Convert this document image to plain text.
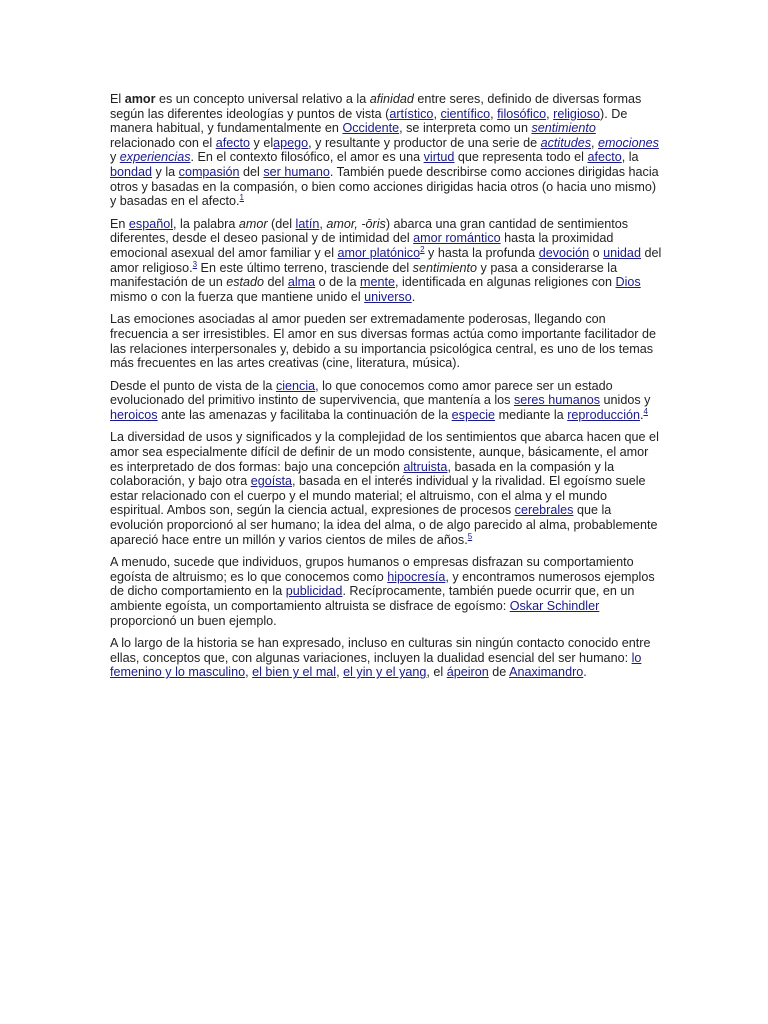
El amor es un concepto universal relativo a la afinidad entre seres, definido de diversas formas según las diferentes ideologías y puntos de vista (artístico, científico, filosófico, religioso). De manera habitual, y fundamentalmente en Occidente, se interpreta como un sentimiento relacionado con el afecto y elapego, y resultante y productor de una serie de actitudes, emociones y experiencias. En el contexto filosófico, el amor es una virtud que representa todo el afecto, la bondad y la compasión del ser humano. También puede describirse como acciones dirigidas hacia otros y basadas en la compasión, o bien como acciones dirigidas hacia otros (o hacia uno mismo) y basadas en el afecto.$^1$

En español, la palabra amor (del latín, amor, -ōris) abarca una gran cantidad de sentimientos diferentes, desde el deseo pasional y de intimidad del amor romántico hasta la proximidad emocional asexual del amor familiar y el amor platónico$^2$ y hasta la profunda devoción o unidad del amor religioso.$^3$ En este último terreno, trasciende del sentimiento y pasa a considerarse la manifestación de un estado del alma o de la mente, identificada en algunas religiones con Dios mismo o con la fuerza que mantiene unido el universo.

Las emociones asociadas al amor pueden ser extremadamente poderosas, llegando con frecuencia a ser irresistibles. El amor en sus diversas formas actúa como importante facilitador de las relaciones interpersonales y, debido a su importancia psicológica central, es uno de los temas más frecuentes en las artes creativas (cine, literatura, música).

Desde el punto de vista de la ciencia, lo que conocemos como amor parece ser un estado evolucionado del primitivo instinto de supervivencia, que mantenía a los seres humanos unidos y heroicos ante las amenazas y facilitaba la continuación de la especie mediante la reproducción.$^4$

La diversidad de usos y significados y la complejidad de los sentimientos que abarca hacen que el amor sea especialmente difícil de definir de un modo consistente, aunque, básicamente, el amor es interpretado de dos formas: bajo una concepción altruista, basada en la compasión y la colaboración, y bajo otra egoísta, basada en el interés individual y la rivalidad. El egoísmo suele estar relacionado con el cuerpo y el mundo material; el altruismo, con el alma y el mundo espiritual. Ambos son, según la ciencia actual, expresiones de procesos cerebrales que la evolución proporcionó al ser humano; la idea del alma, o de algo parecido al alma, probablemente apareció hace entre un millón y varios cientos de miles de años.$^5$

A menudo, sucede que individuos, grupos humanos o empresas disfrazan su comportamiento egoísta de altruismo; es lo que conocemos como hipocresía, y encontramos numerosos ejemplos de dicho comportamiento en la publicidad. Recíprocamente, también puede ocurrir que, en un ambiente egoísta, un comportamiento altruista se disfrace de egoísmo: Oskar Schindler proporcionó un buen ejemplo.

A lo largo de la historia se han expresado, incluso en culturas sin ningún contacto conocido entre ellas, conceptos que, con algunas variaciones, incluyen la dualidad esencial del ser humano: lo femenino y lo masculino, el bien y el mal, el yin y el yang, el ápeiron de Anaximandro.
